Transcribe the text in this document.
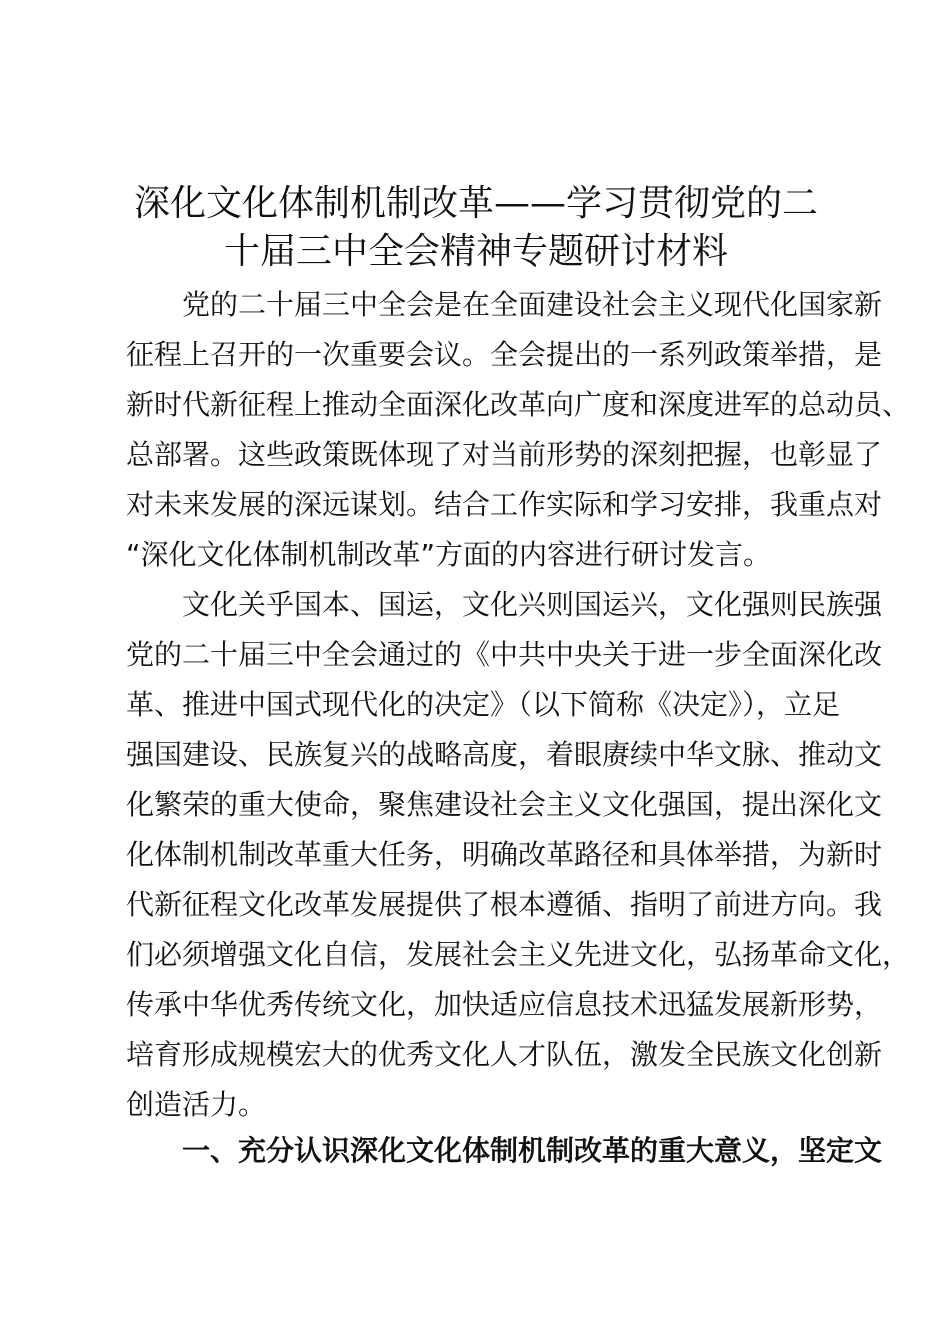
深化文化体制机制改革——学习贯彻党的二
十届三中全会精神专题研讨材料
党的二十届三中全会是在全面建设社会主义现代化国家新
征程上召开的一次重要会议。全会提出的一系列政策举措，是
新时代新征程上推动全面深化改革向广度和深度进军的总动员、
总部署。这些政策既体现了对当前形势的深刻把握，也彰显了
对未来发展的深远谋划。结合工作实际和学习安排，我重点对
“深化文化体制机制改革”方面的内容进行研讨发言。
文化关乎国本、国运，文化兴则国运兴，文化强则民族强
党的二十届三中全会通过的《中共中央关于进一步全面深化改
革、推进中国式现代化的决定》（以下简称《决定》），立足
强国建设、民族复兴的战略高度，着眼赓续中华文脉、推动文
化繁荣的重大使命，聚焦建设社会主义文化强国，提出深化文
化体制机制改革重大任务，明确改革路径和具体举措，为新时
代新征程文化改革发展提供了根本遵循、指明了前进方向。我
们必须增强文化自信，发展社会主义先进文化，弘扬革命文化，
传承中华优秀传统文化，加快适应信息技术迅猛发展新形势，
培育形成规模宏大的优秀文化人才队伍，激发全民族文化创新
创造活力。
一、充分认识深化文化体制机制改革的重大意义，坚定文
